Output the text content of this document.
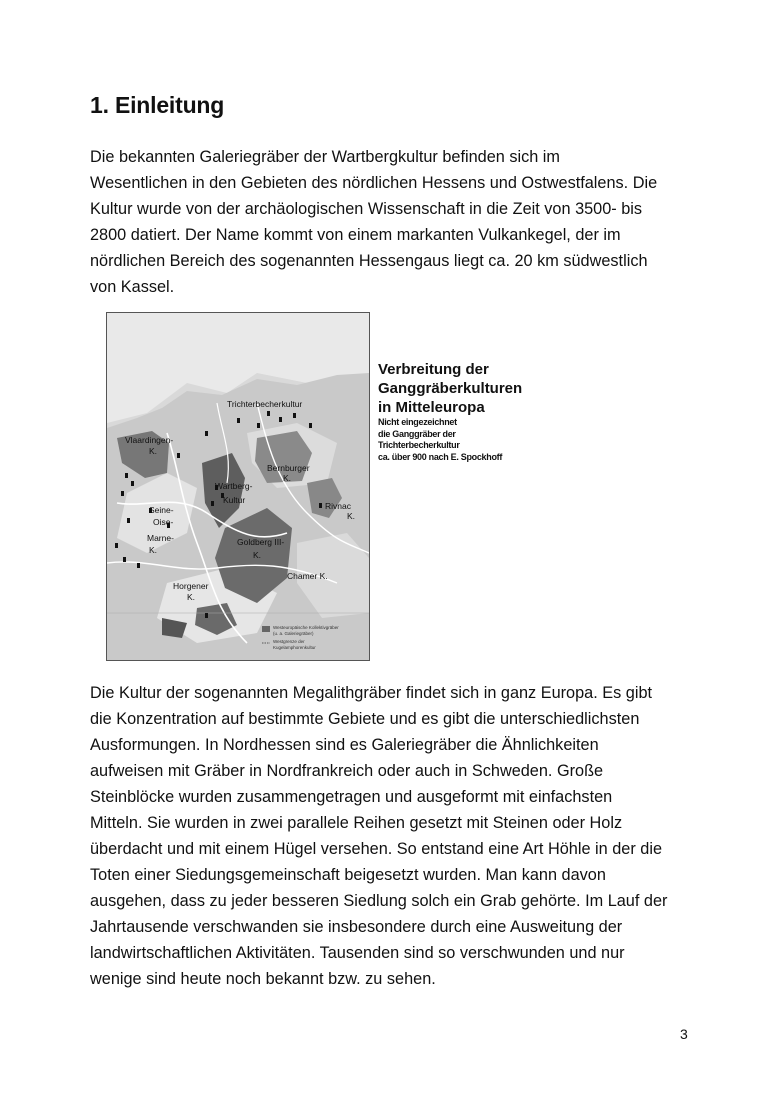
1. Einleitung

Die bekannten Galeriegräber der Wartbergkultur befinden sich im
Wesentlichen in den Gebieten des nördlichen Hessens und Ostwestfalens. Die
Kultur wurde von der archäologischen Wissenschaft in die Zeit von 3500- bis
2800 datiert. Der Name kommt von einem markanten Vulkankegel, der im
nördlichen Bereich des sogenannten Hessengaus liegt ca. 20 km südwestlich
von Kassel.

Trichterbecherkultur
Vlaardingen-
K.
Bernburger
K.
Wartberg-
Kultur
Seine-
Oise-
Marne-
K.
Rivnac
K.
Goldberg III-
K.
Chamer K.
Horgener
K.
Westeuropäische Kollektivgräber
(u. a. Galeriegräber)
Westgrenze der
Kugelamphorenkultur
Verbreitung der
Ganggräberkulturen
in Mitteleuropa
Nicht eingezeichnet
die Ganggräber der
Trichterbecherkultur
ca. über 900 nach E. Spockhoff

Die Kultur der sogenannten Megalithgräber findet sich in ganz Europa. Es gibt
die Konzentration auf bestimmte Gebiete und es gibt die unterschiedlichsten
Ausformungen. In Nordhessen sind es Galeriegräber die Ähnlichkeiten
aufweisen mit Gräber in Nordfrankreich oder auch in Schweden. Große
Steinblöcke wurden zusammengetragen und ausgeformt mit einfachsten
Mitteln. Sie wurden in zwei parallele Reihen gesetzt mit Steinen oder Holz
überdacht und mit einem Hügel versehen. So entstand eine Art Höhle in der die
Toten einer Siedungsgemeinschaft beigesetzt wurden. Man kann davon
ausgehen, dass zu jeder besseren Siedlung solch ein Grab gehörte. Im Lauf der
Jahrtausende verschwanden sie insbesondere durch eine Ausweitung der
landwirtschaftlichen Aktivitäten. Tausenden sind so verschwunden und nur
wenige sind heute noch bekannt bzw. zu sehen.

3
